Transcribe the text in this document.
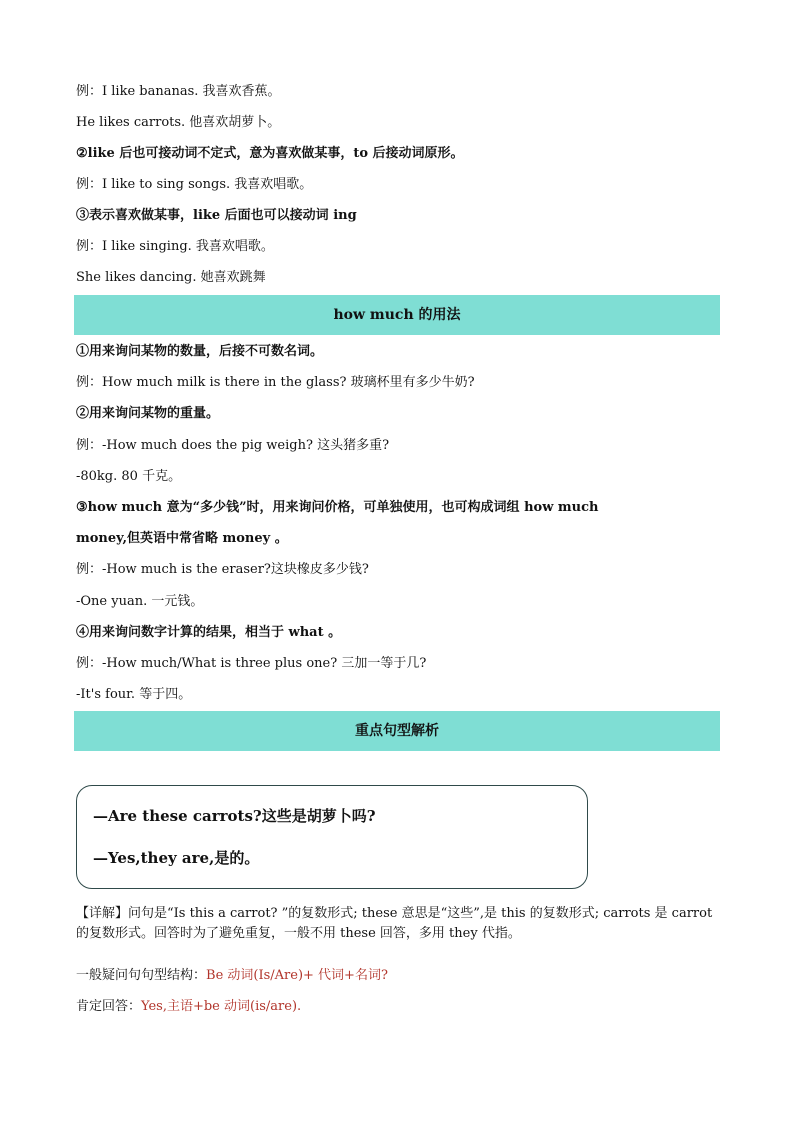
例：I like bananas. 我喜欢香蕉。
He likes carrots. 他喜欢胡萝卜。
②like 后也可接动词不定式，意为喜欢做某事，to 后接动词原形。
例：I like to sing songs. 我喜欢唱歌。
③表示喜欢做某事，like 后面也可以接动词 ing
例：I like singing. 我喜欢唱歌。
She likes dancing. 她喜欢跳舞
how much 的用法
①用来询问某物的数量，后接不可数名词。
例：How much milk is there in the glass? 玻璃杯里有多少牛奶?
②用来询问某物的重量。
例：-How much does the pig weigh? 这头猪多重?
-80kg. 80 千克。
③how much 意为“多少钱”时，用来询问价格，可单独使用，也可构成词组 how much
money,但英语中常省略 money 。
例：-How much is the eraser?这块橡皮多少钱?
-One yuan. 一元钱。
④用来询问数字计算的结果，相当于 what 。
例：-How much/What is three plus one? 三加一等于几?
-It's four. 等于四。
重点句型解析
—Are these carrots?这些是胡萝卜吗?
—Yes,they are,是的。
【详解】问句是“Is this a carrot? ”的复数形式; these 意思是“这些”,是 this 的复数形式; carrots 是 carrot 的复数形式。回答时为了避免重复，一般不用 these 回答，多用 they 代指。
一般疑问句句型结构：Be 动词(Is/Are)+ 代词+名词?
肯定回答：Yes,主语+be 动词(is/are).
